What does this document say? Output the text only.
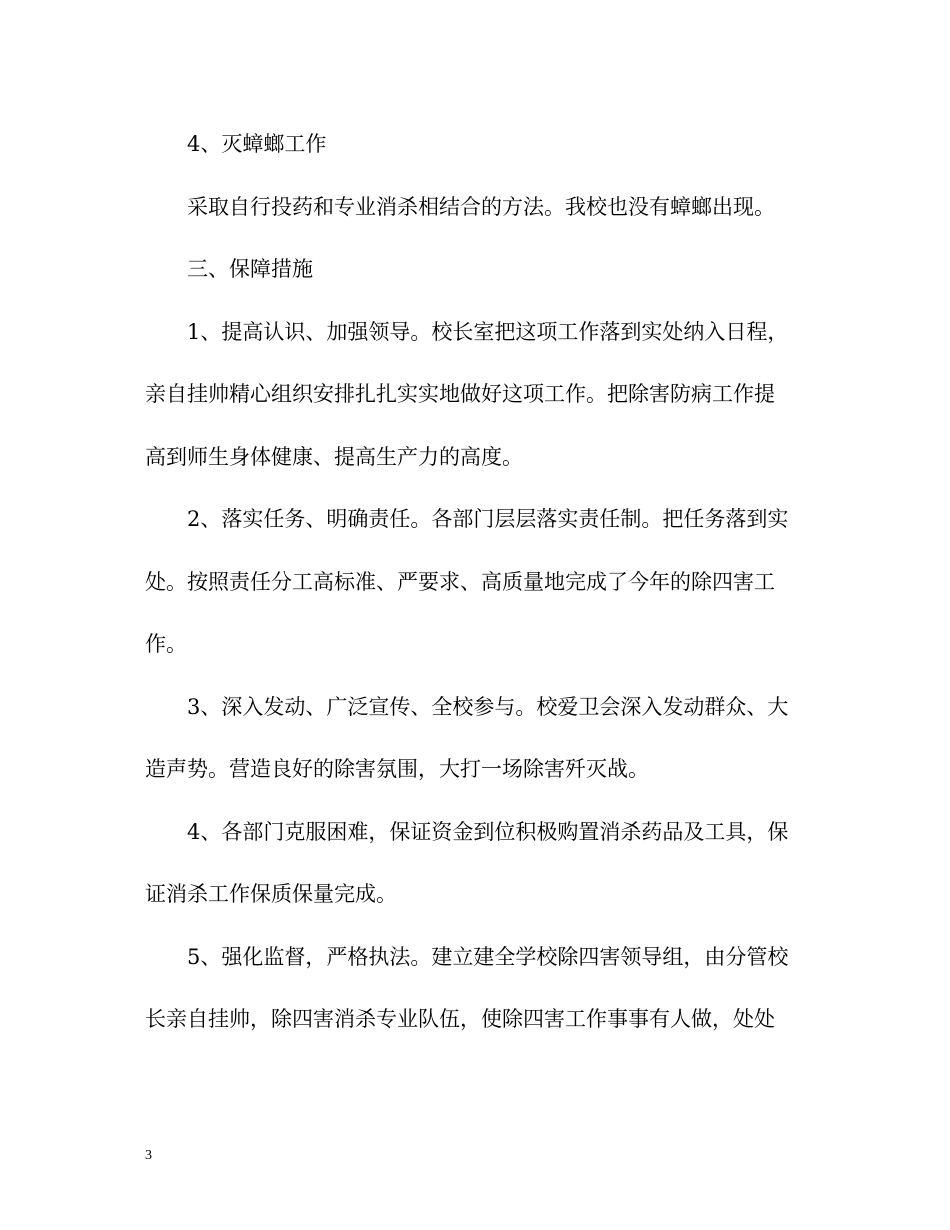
4、灭蟑螂工作
采取自行投药和专业消杀相结合的方法。我校也没有蟑螂出现。
三、保障措施
1、提高认识、加强领导。校长室把这项工作落到实处纳入日程，
亲自挂帅精心组织安排扎扎实实地做好这项工作。把除害防病工作提
高到师生身体健康、提高生产力的高度。
2、落实任务、明确责任。各部门层层落实责任制。把任务落到实
处。按照责任分工高标准、严要求、高质量地完成了今年的除四害工
作。
3、深入发动、广泛宣传、全校参与。校爱卫会深入发动群众、大
造声势。营造良好的除害氛围，大打一场除害歼灭战。
4、各部门克服困难，保证资金到位积极购置消杀药品及工具，保
证消杀工作保质保量完成。
5、强化监督，严格执法。建立建全学校除四害领导组，由分管校
长亲自挂帅，除四害消杀专业队伍，使除四害工作事事有人做，处处
3
